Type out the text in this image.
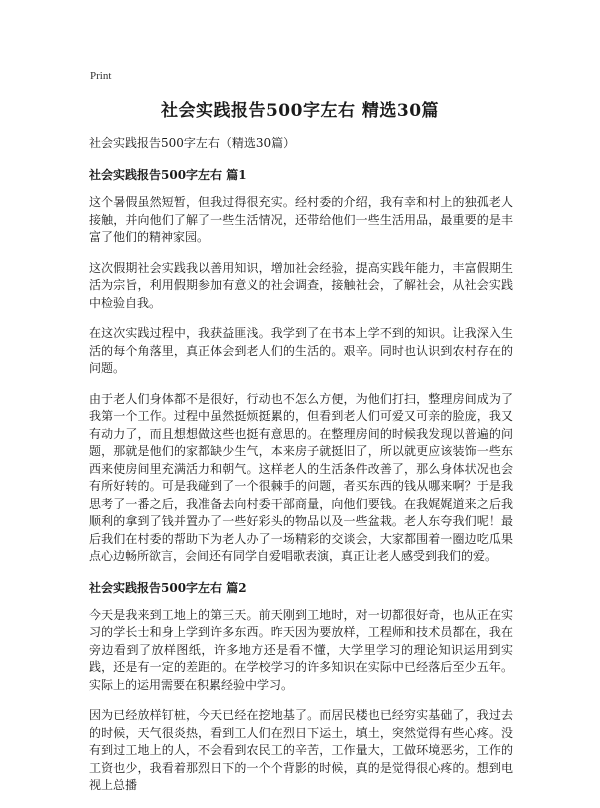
Print
社会实践报告500字左右 精选30篇
社会实践报告500字左右（精选30篇）
社会实践报告500字左右 篇1

这个暑假虽然短暂，但我过得很充实。经村委的介绍，我有幸和村上的独孤老人接触，并向他们了解了一些生活情况，还带给他们一些生活用品，最重要的是丰富了他们的精神家园。

这次假期社会实践我以善用知识，增加社会经验，提高实践年能力，丰富假期生活为宗旨，利用假期参加有意义的社会调查，接触社会，了解社会，从社会实践中检验自我。

在这次实践过程中，我获益匪浅。我学到了在书本上学不到的知识。让我深入生活的每个角落里，真正体会到老人们的生活的。艰辛。同时也认识到农村存在的问题。

由于老人们身体都不是很好，行动也不怎么方便，为他们打扫，整理房间成为了我第一个工作。过程中虽然挺烦挺累的，但看到老人们可爱又可亲的脸庞，我又有动力了，而且想想做这些也挺有意思的。在整理房间的时候我发现以普遍的问题，那就是他们的家都缺少生气，本来房子就挺旧了，所以就更应该装饰一些东西来使房间里充满活力和朝气。这样老人的生活条件改善了，那么身体状况也会有所好转的。可是我碰到了一个很棘手的问题，者买东西的钱从哪来啊？于是我思考了一番之后，我准备去向村委干部商量，向他们要钱。在我娓娓道来之后我顺利的拿到了钱并置办了一些好彩头的物品以及一些盆栽。老人东夸我们呢！最后我们在村委的帮助下为老人办了一场精彩的交谈会，大家都围着一圈边吃瓜果点心边畅所欲言，会间还有同学自爱唱歌表演，真正让老人感受到我们的爱。

社会实践报告500字左右 篇2

今天是我来到工地上的第三天。前天刚到工地时，对一切都很好奇，也从正在实习的学长士和身上学到许多东西。昨天因为要放样，工程师和技术员都在，我在旁边看到了放样图纸，许多地方还是看不懂，大学里学习的理论知识运用到实践，还是有一定的差距的。在学校学习的许多知识在实际中已经落后至少五年。实际上的运用需要在积累经验中学习。

因为已经放样钉桩，今天已经在挖地基了。而居民楼也已经穷实基础了，我过去的时候，天气很炎热，看到工人们在烈日下运土，填土，突然觉得有些心疼。没有到过工地上的人，不会看到农民工的辛苦，工作量大，工做环境恶劣，工作的工资也少，我看着那烈日下的一个个背影的时候，真的是觉得很心疼的。想到电视上总播
